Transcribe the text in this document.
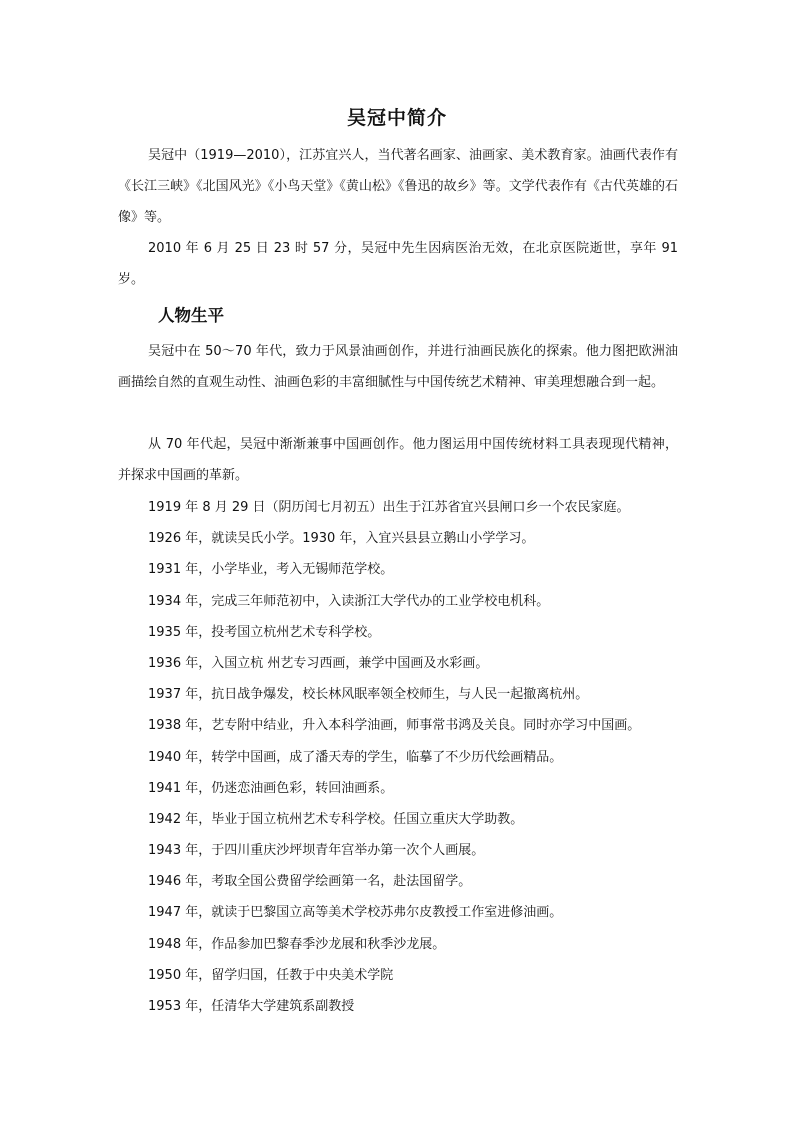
吴冠中简介

吴冠中（1919—2010），江苏宜兴人，当代著名画家、油画家、美术教育家。油画代表作有《长江三峡》《北国风光》《小鸟天堂》《黄山松》《鲁迅的故乡》等。文学代表作有《古代英雄的石像》等。

2010 年 6 月 25 日 23 时 57 分，吴冠中先生因病医治无效，在北京医院逝世，享年 91 岁。

人物生平

吴冠中在 50～70 年代，致力于风景油画创作，并进行油画民族化的探索。他力图把欧洲油画描绘自然的直观生动性、油画色彩的丰富细腻性与中国传统艺术精神、审美理想融合到一起。

从 70 年代起，吴冠中渐渐兼事中国画创作。他力图运用中国传统材料工具表现现代精神，并探求中国画的革新。

1919 年 8 月 29 日（阴历闰七月初五）出生于江苏省宜兴县闸口乡一个农民家庭。
1926 年，就读吴氏小学。1930 年，入宜兴县县立鹅山小学学习。
1931 年，小学毕业，考入无锡师范学校。
1934 年，完成三年师范初中，入读浙江大学代办的工业学校电机科。
1935 年，投考国立杭州艺术专科学校。
1936 年，入国立杭 州艺专习西画，兼学中国画及水彩画。
1937 年，抗日战争爆发，校长林风眠率领全校师生，与人民一起撤离杭州。
1938 年，艺专附中结业，升入本科学油画，师事常书鸿及关良。同时亦学习中国画。
1940 年，转学中国画，成了潘天寿的学生，临摹了不少历代绘画精品。
1941 年，仍迷恋油画色彩，转回油画系。
1942 年，毕业于国立杭州艺术专科学校。任国立重庆大学助教。
1943 年，于四川重庆沙坪坝青年宫举办第一次个人画展。
1946 年，考取全国公费留学绘画第一名，赴法国留学。
1947 年，就读于巴黎国立高等美术学校苏弗尔皮教授工作室进修油画。
1948 年，作品参加巴黎春季沙龙展和秋季沙龙展。
1950 年，留学归国，任教于中央美术学院
1953 年，任清华大学建筑系副教授
